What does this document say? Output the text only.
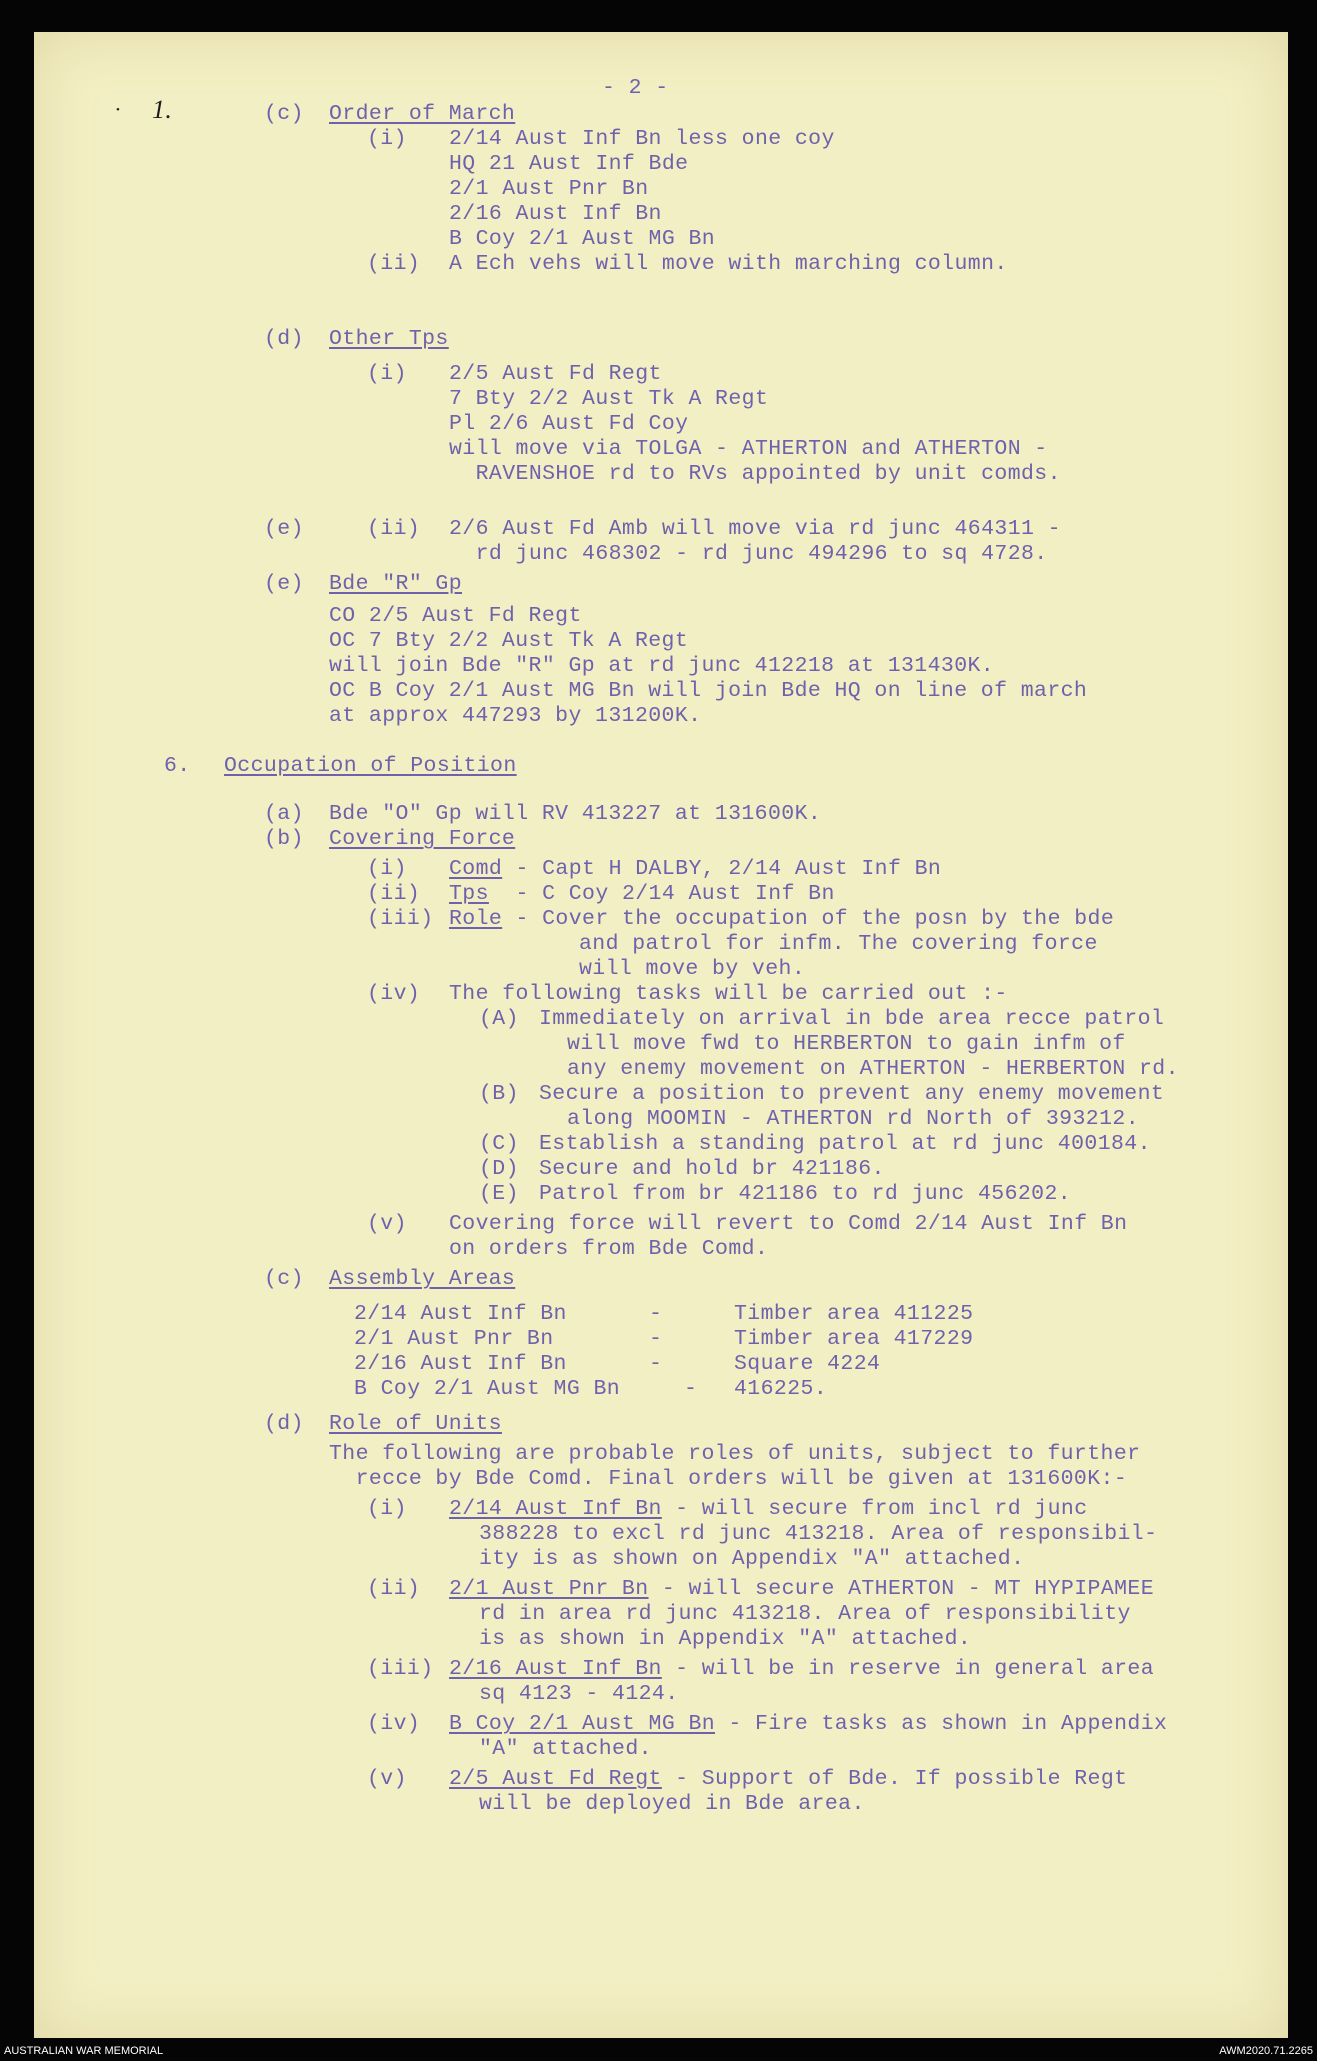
• 1.
- 2 -
(c) Order of March
(i) 2/14 Aust Inf Bn less one coy
HQ 21 Aust Inf Bde
2/1 Aust Pnr Bn
2/16 Aust Inf Bn
B Coy 2/1 Aust MG Bn
(ii) A Ech vehs will move with marching column.
(d) Other Tps
(i) 2/5 Aust Fd Regt
7 Bty 2/2 Aust Tk A Regt
Pl 2/6 Aust Fd Coy
will move via TOLGA - ATHERTON and ATHERTON -
RAVENSHOE rd to RVs appointed by unit comds.
(e)	(ii) 2/6 Aust Fd Amb will move via rd junc 464311 -
rd junc 468302 - rd junc 494296 to sq 4728.
(e) Bde "R" Gp
CO 2/5 Aust Fd Regt
OC 7 Bty 2/2 Aust Tk A Regt
will join Bde "R" Gp at rd junc 412218 at 131430K.
OC B Coy 2/1 Aust MG Bn will join Bde HQ on line of march
at approx 447293 by 131200K.
6. Occupation of Position
(a) Bde "O" Gp will RV 413227 at 131600K.
(b) Covering Force
(i) Comd - Capt H DALBY, 2/14 Aust Inf Bn
(ii) Tps  - C Coy 2/14 Aust Inf Bn
(iii) Role - Cover the occupation of the posn by the bde
and patrol for infm. The covering force
will move by veh.
(iv) The following tasks will be carried out :-
(A) Immediately on arrival in bde area recce patrol
will move fwd to HERBERTON to gain infm of
any enemy movement on ATHERTON - HERBERTON rd.
(B) Secure a position to prevent any enemy movement
along MOOMIN - ATHERTON rd North of 393212.
(C) Establish a standing patrol at rd junc 400184.
(D) Secure and hold br 421186.
(E) Patrol from br 421186 to rd junc 456202.
(v) Covering force will revert to Comd 2/14 Aust Inf Bn
on orders from Bde Comd.
(c) Assembly Areas
2/14 Aust Inf Bn	-	Timber area 411225
2/1 Aust Pnr Bn	-	Timber area 417229
2/16 Aust Inf Bn	-	Square 4224
B Coy 2/1 Aust MG Bn	- 416225.
(d) Role of Units
The following are probable roles of units, subject to further
recce by Bde Comd. Final orders will be given at 131600K:-
(i) 2/14 Aust Inf Bn - will secure from incl rd junc
388228 to excl rd junc 413218. Area of responsibil-
ity is as shown on Appendix "A" attached.
(ii) 2/1 Aust Pnr Bn - will secure ATHERTON - MT HYPIPAMEE
rd in area rd junc 413218. Area of responsibility
is as shown in Appendix "A" attached.
(iii) 2/16 Aust Inf Bn - will be in reserve in general area
sq 4123 - 4124.
(iv) B Coy 2/1 Aust MG Bn - Fire tasks as shown in Appendix
"A" attached.
(v) 2/5 Aust Fd Regt - Support of Bde. If possible Regt
will be deployed in Bde area.
AUSTRALIAN WAR MEMORIAL	AWM2020.71.2265
